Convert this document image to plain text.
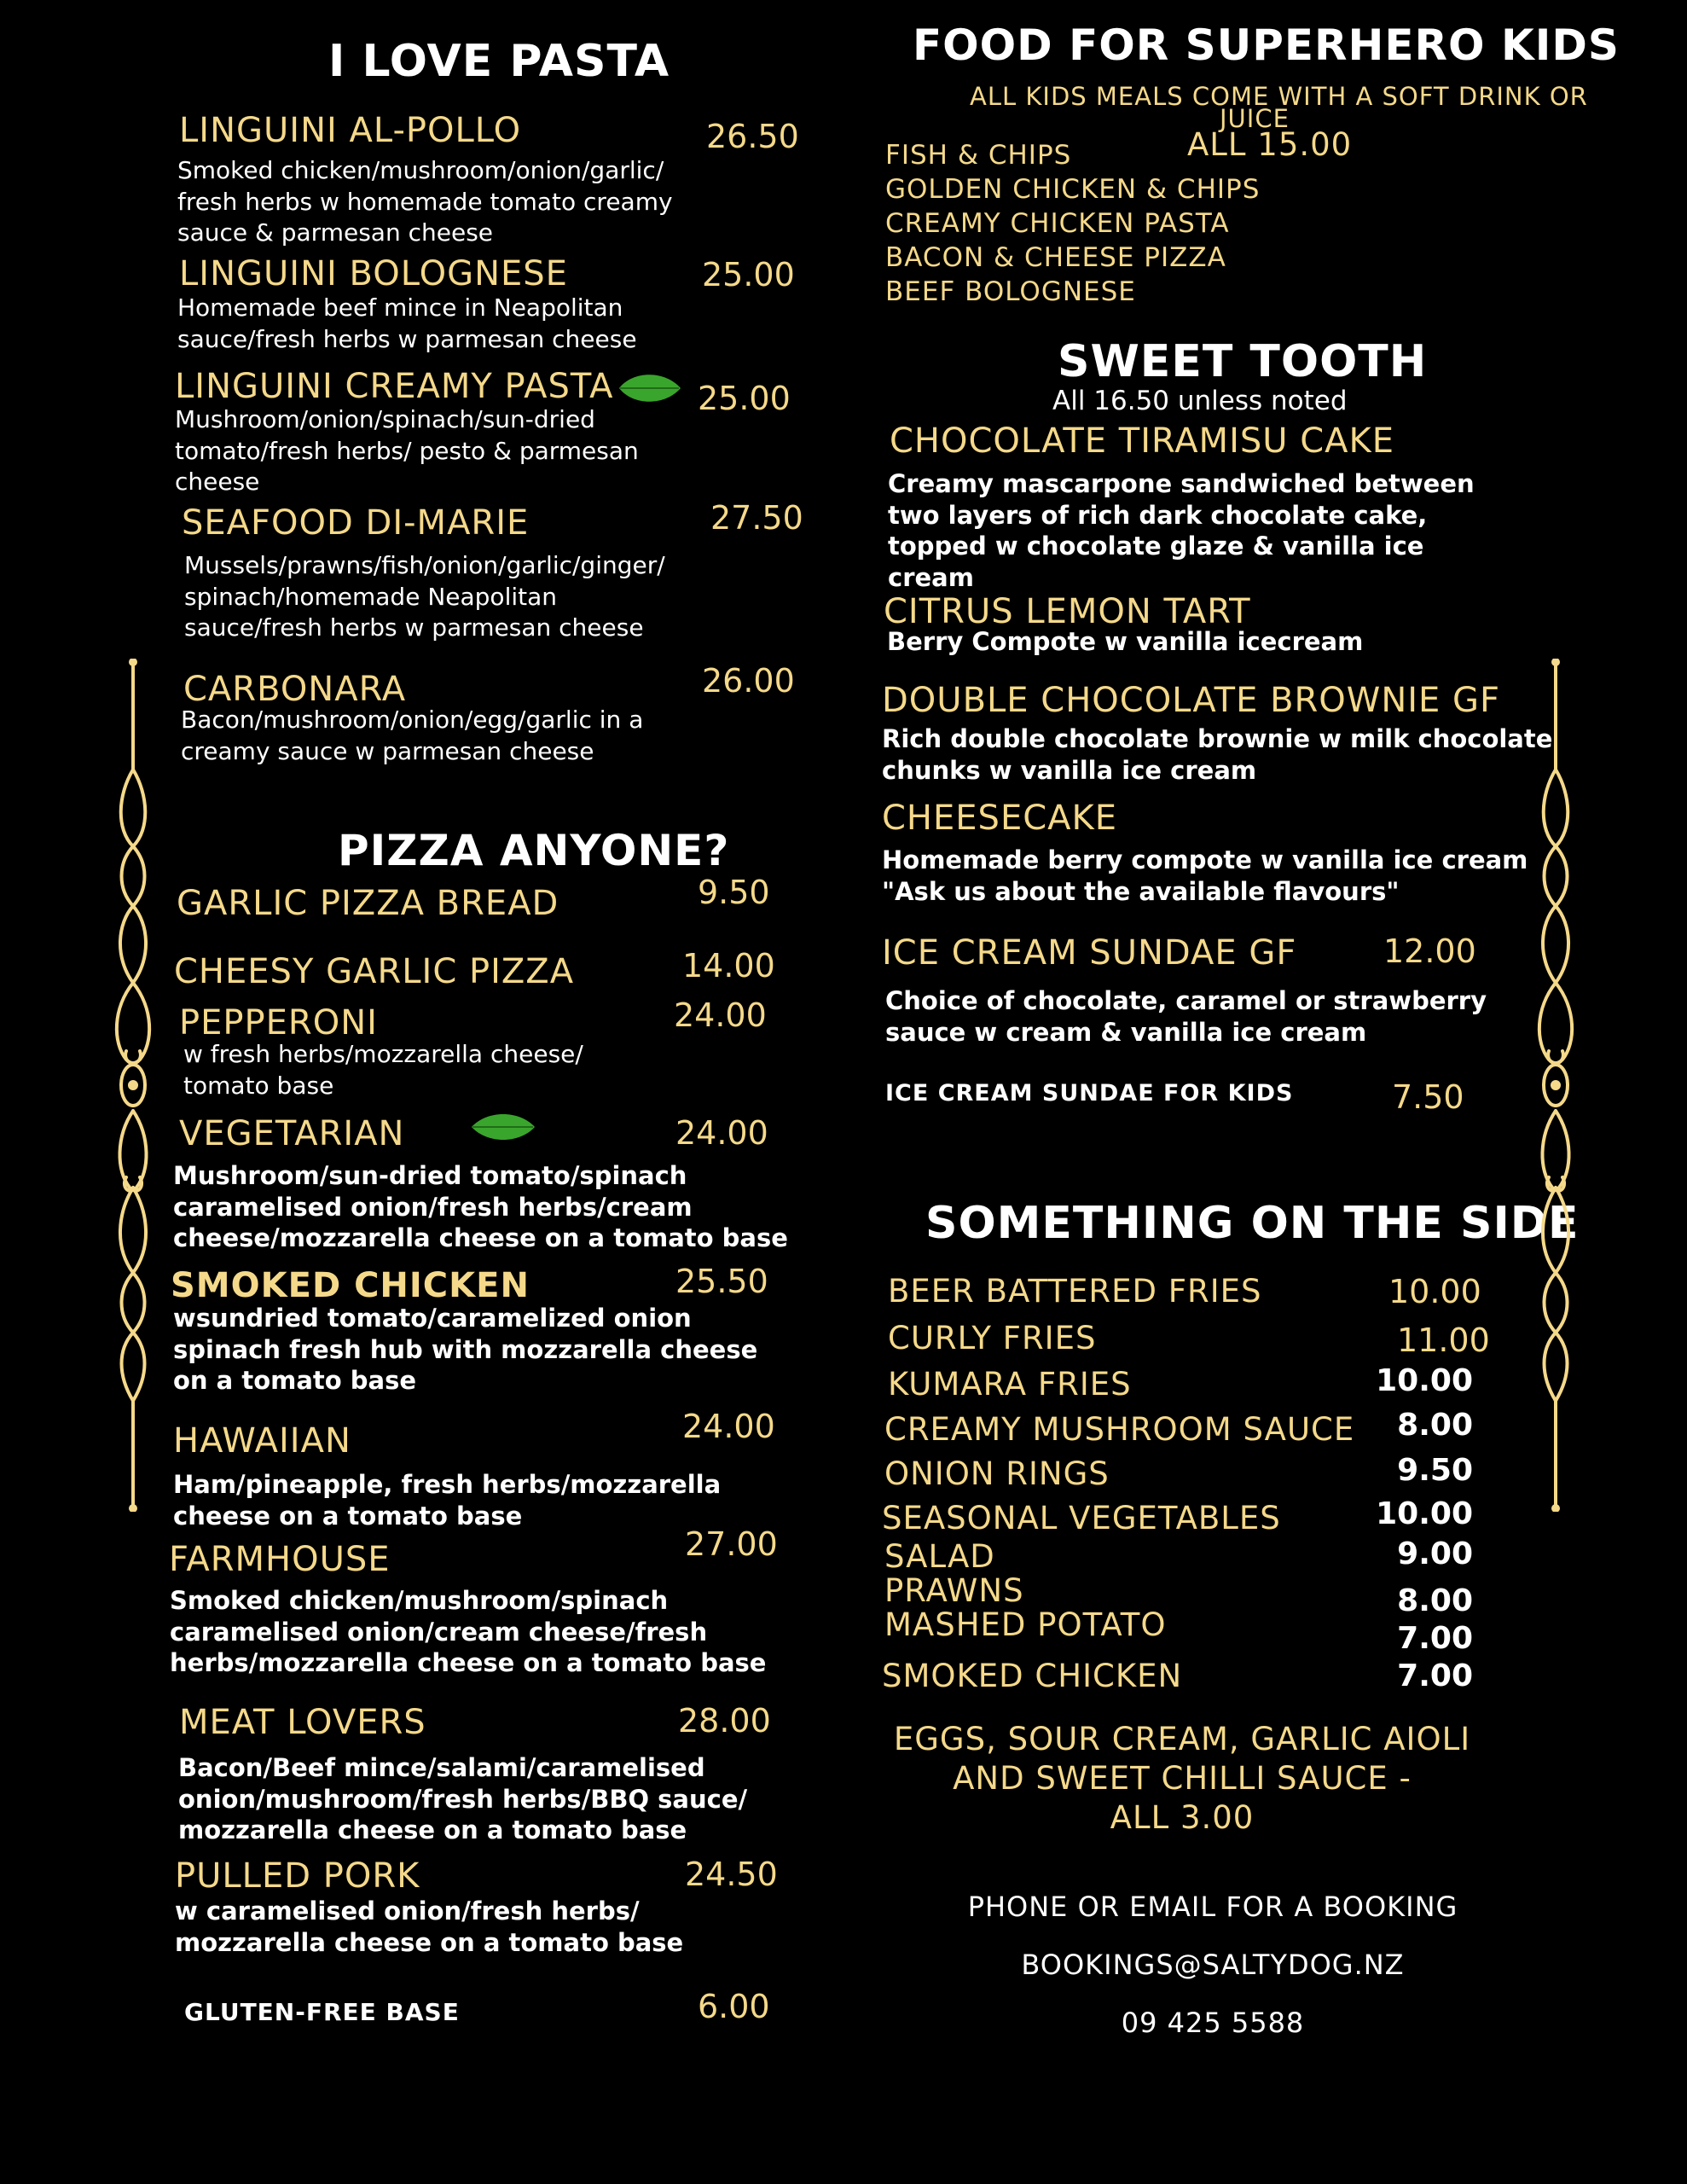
I LOVE PASTA
LINGUINI AL-POLLO	26.50
Smoked chicken/mushroom/onion/garlic/
fresh herbs w homemade tomato creamy
sauce & parmesan cheese
LINGUINI BOLOGNESE	25.00
Homemade beef mince in Neapolitan
sauce/fresh herbs w parmesan cheese
LINGUINI CREAMY PASTA	25.00
Mushroom/onion/spinach/sun-dried
tomato/fresh herbs/ pesto & parmesan
cheese
SEAFOOD DI-MARIE	27.50
Mussels/prawns/fish/onion/garlic/ginger/
spinach/homemade Neapolitan
sauce/fresh herbs w parmesan cheese
CARBONARA	26.00
Bacon/mushroom/onion/egg/garlic in a
creamy sauce w parmesan cheese
PIZZA ANYONE?
GARLIC PIZZA BREAD	9.50
CHEESY GARLIC PIZZA	14.00
PEPPERONI	24.00
w fresh herbs/mozzarella cheese/
tomato base
VEGETARIAN	24.00
Mushroom/sun-dried tomato/spinach
caramelised onion/fresh herbs/cream
cheese/mozzarella cheese on a tomato base
SMOKED CHICKEN	25.50
wsundried tomato/caramelized onion
spinach fresh hub with mozzarella cheese
on a tomato base
HAWAIIAN	24.00
Ham/pineapple, fresh herbs/mozzarella
cheese on a tomato base
FARMHOUSE	27.00
Smoked chicken/mushroom/spinach
caramelised onion/cream cheese/fresh
herbs/mozzarella cheese on a tomato base
MEAT LOVERS	28.00
Bacon/Beef mince/salami/caramelised
onion/mushroom/fresh herbs/BBQ sauce/
mozzarella cheese on a tomato base
PULLED PORK	24.50
w caramelised onion/fresh herbs/
mozzarella cheese on a tomato base
GLUTEN-FREE BASE	6.00
FOOD FOR SUPERHERO KIDS
ALL KIDS MEALS COME WITH A SOFT DRINK OR
JUICE
ALL 15.00
FISH & CHIPS
GOLDEN CHICKEN & CHIPS
CREAMY CHICKEN PASTA
BACON & CHEESE PIZZA
BEEF BOLOGNESE
SWEET TOOTH
All 16.50 unless noted
CHOCOLATE TIRAMISU CAKE
Creamy mascarpone sandwiched between
two layers of rich dark chocolate cake,
topped w chocolate glaze & vanilla ice
cream
CITRUS LEMON TART
Berry Compote w vanilla icecream
DOUBLE CHOCOLATE BROWNIE GF
Rich double chocolate brownie w milk chocolate
chunks w vanilla ice cream
CHEESECAKE
Homemade berry compote w vanilla ice cream
"Ask us about the available flavours"
ICE CREAM SUNDAE GF	12.00
Choice of chocolate, caramel or strawberry
sauce w cream & vanilla ice cream
ICE CREAM SUNDAE FOR KIDS	7.50
SOMETHING ON THE SIDE
BEER BATTERED FRIES	10.00
CURLY FRIES	11.00
KUMARA FRIES	10.00
CREAMY MUSHROOM SAUCE	8.00
ONION RINGS	9.50
SEASONAL VEGETABLES	10.00
SALAD	9.00
PRAWNS	8.00
MASHED POTATO	7.00
SMOKED CHICKEN	7.00
EGGS, SOUR CREAM, GARLIC AIOLI
AND SWEET CHILLI SAUCE -
ALL 3.00
PHONE OR EMAIL FOR A BOOKING
BOOKINGS@SALTYDOG.NZ
09 425 5588
